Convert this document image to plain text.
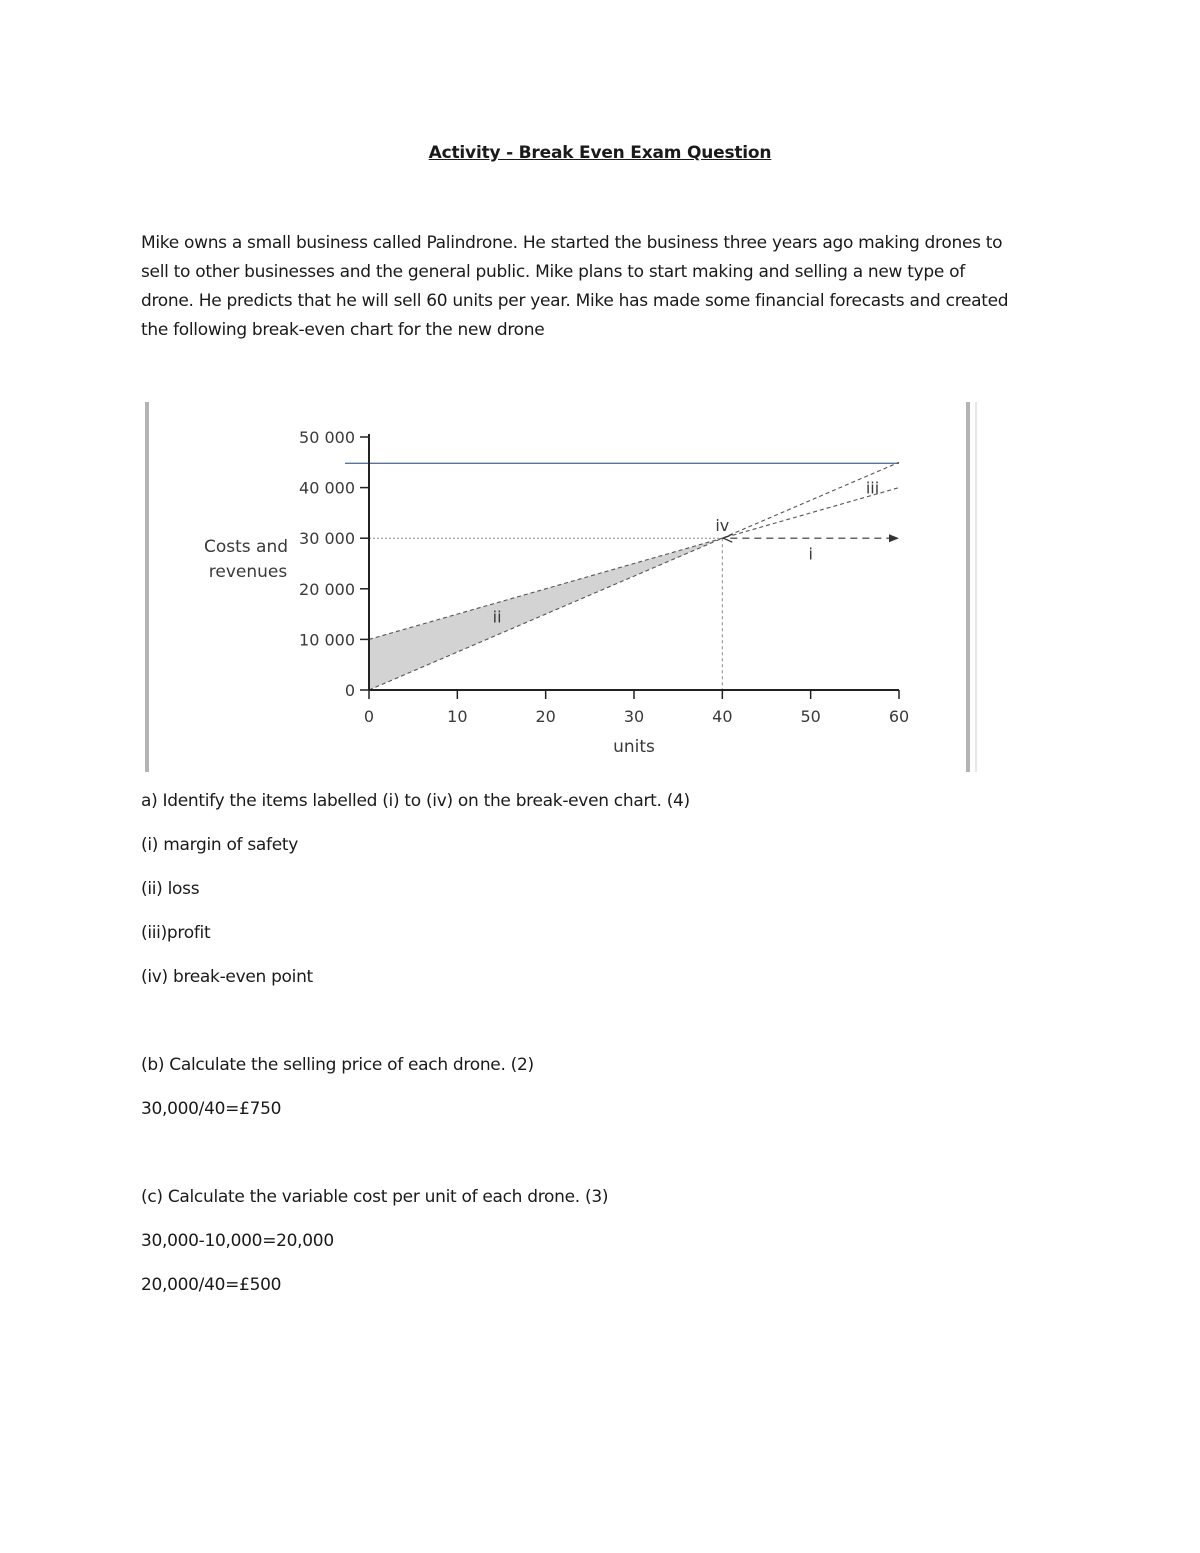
Activity - Break Even Exam Question
Mike owns a small business called Palindrone. He started the business three years ago making drones to
sell to other businesses and the general public. Mike plans to start making and selling a new type of
drone. He predicts that he will sell 60 units per year. Mike has made some financial forecasts and created
the following break-even chart for the new drone
0
10 000
20 000
30 000
40 000
50 000
0	10	20	30	40	50	60
units
Costs and
revenues
i
ii
iii
iv
a) Identify the items labelled (i) to (iv) on the break-even chart. (4)
(i) margin of safety
(ii) loss
(iii)profit
(iv) break-even point
(b) Calculate the selling price of each drone. (2)
30,000/40=£750
(c) Calculate the variable cost per unit of each drone. (3)
30,000-10,000=20,000
20,000/40=£500
